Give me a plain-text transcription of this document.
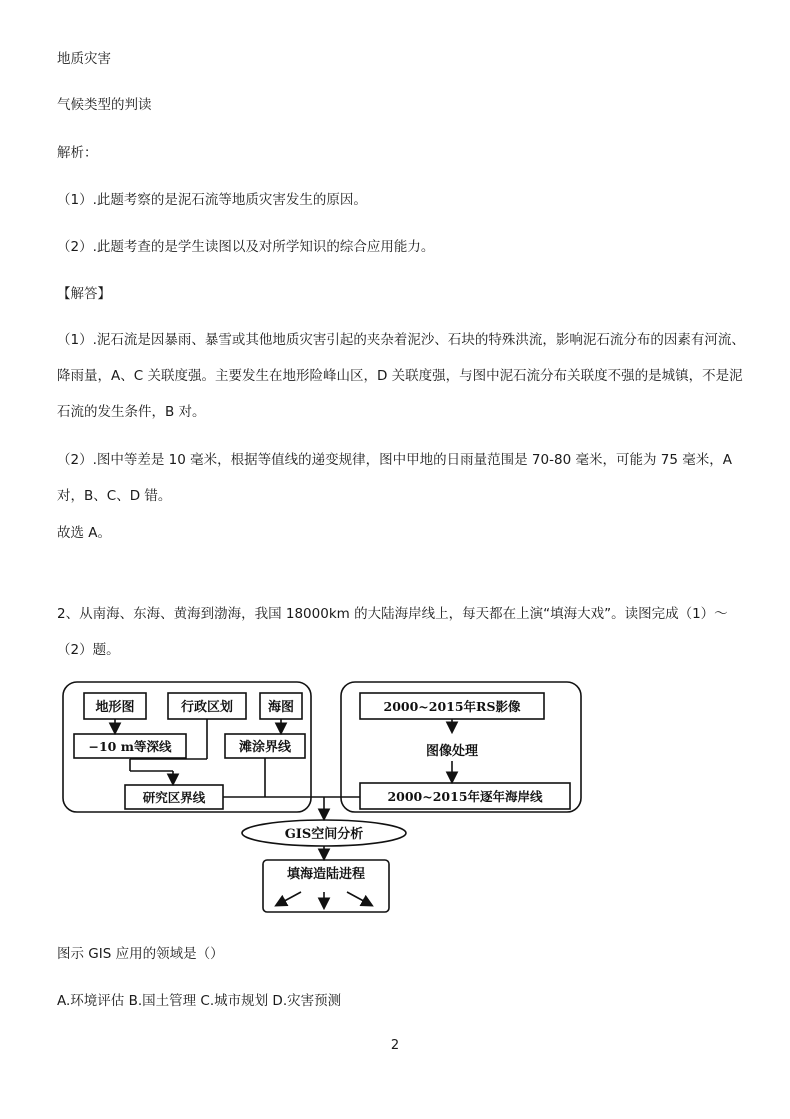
地质灾害
气候类型的判读
解析：
（1）.此题考察的是泥石流等地质灾害发生的原因。
（2）.此题考查的是学生读图以及对所学知识的综合应用能力。
【解答】
（1）.泥石流是因暴雨、暴雪或其他地质灾害引起的夹杂着泥沙、石块的特殊洪流，影响泥石流分布的因素有河流、降雨量，A、C 关联度强。主要发生在地形险峰山区，D 关联度强，与图中泥石流分布关联度不强的是城镇，不是泥石流的发生条件，B 对。
（2）.图中等差是 10 毫米，根据等值线的递变规律，图中甲地的日雨量范围是 70-80 毫米，可能为 75 毫米，A 对，B、C、D 错。
故选 A。
2、从南海、东海、黄海到渤海，我国 18000km 的大陆海岸线上，每天都在上演“填海大戏”。读图完成（1）～（2）题。
地形图	行政区划	海图
−10 m等深线	滩涂界线
研究区界线
2000~2015年RS影像
图像处理
2000~2015年逐年海岸线
GIS空间分析
填海造陆进程
图示 GIS 应用的领域是（）
A.环境评估 B.国土管理 C.城市规划 D.灾害预测
2
